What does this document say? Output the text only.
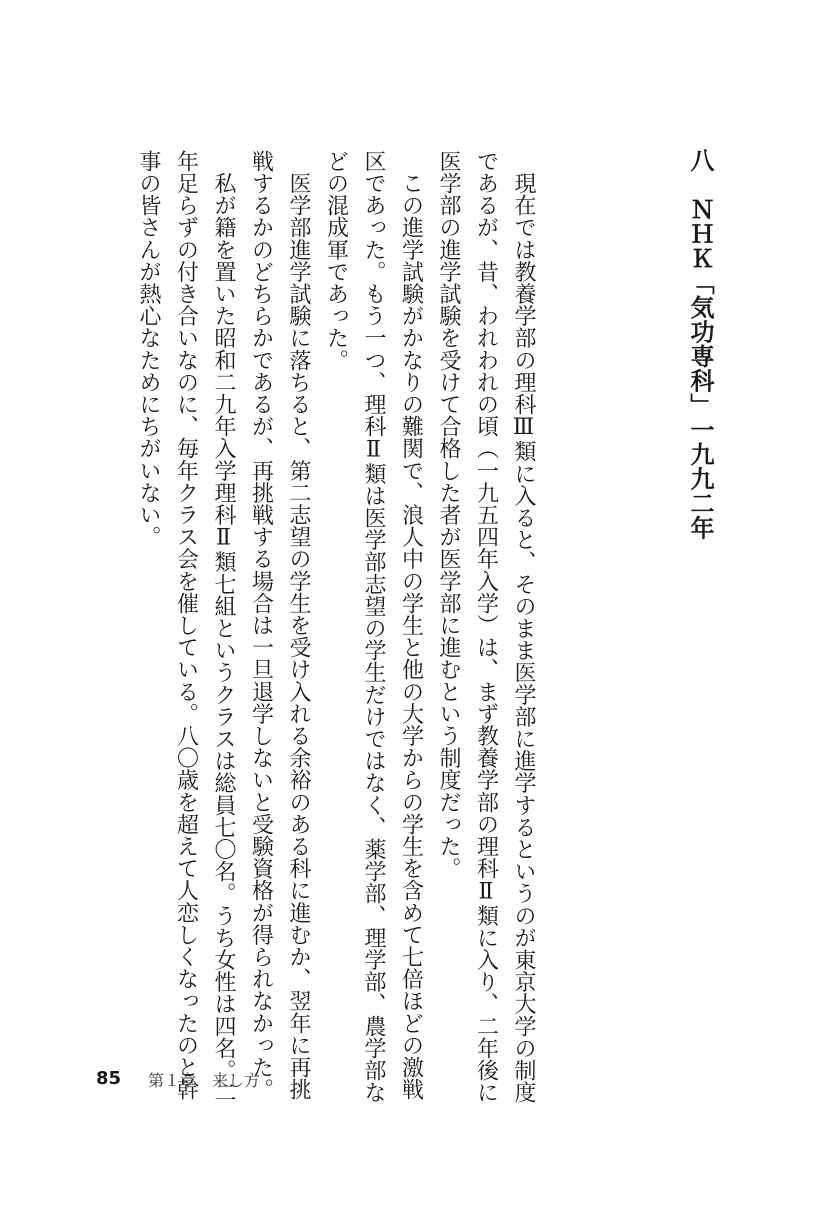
八　ＮＨＫ「気功専科」一九九二年

　現在では教養学部の理科Ⅲ類に入ると、そのまま医学部に進学するというのが東京大学の制度

であるが、昔、われわれの頃（一九五四年入学）は、まず教養学部の理科Ⅱ類に入り、二年後に

医学部の進学試験を受けて合格した者が医学部に進むという制度だった。

　この進学試験がかなりの難関で、浪人中の学生と他の大学からの学生を含めて七倍ほどの激戦

区であった。もう一つ、理科Ⅱ類は医学部志望の学生だけではなく、薬学部、理学部、農学部な

どの混成軍であった。

　医学部進学試験に落ちると、第二志望の学生を受け入れる余裕のある科に進むか、翌年に再挑

戦するかのどちらかであるが、再挑戦する場合は一旦退学しないと受験資格が得られなかった。

　私が籍を置いた昭和二九年入学理科Ⅱ類七組というクラスは総員七〇名。うち女性は四名。二

年足らずの付き合いなのに、毎年クラス会を催している。八〇歳を超えて人恋しくなったのと幹

事の皆さんが熱心なためにちがいない。

85 第１章　来し方
